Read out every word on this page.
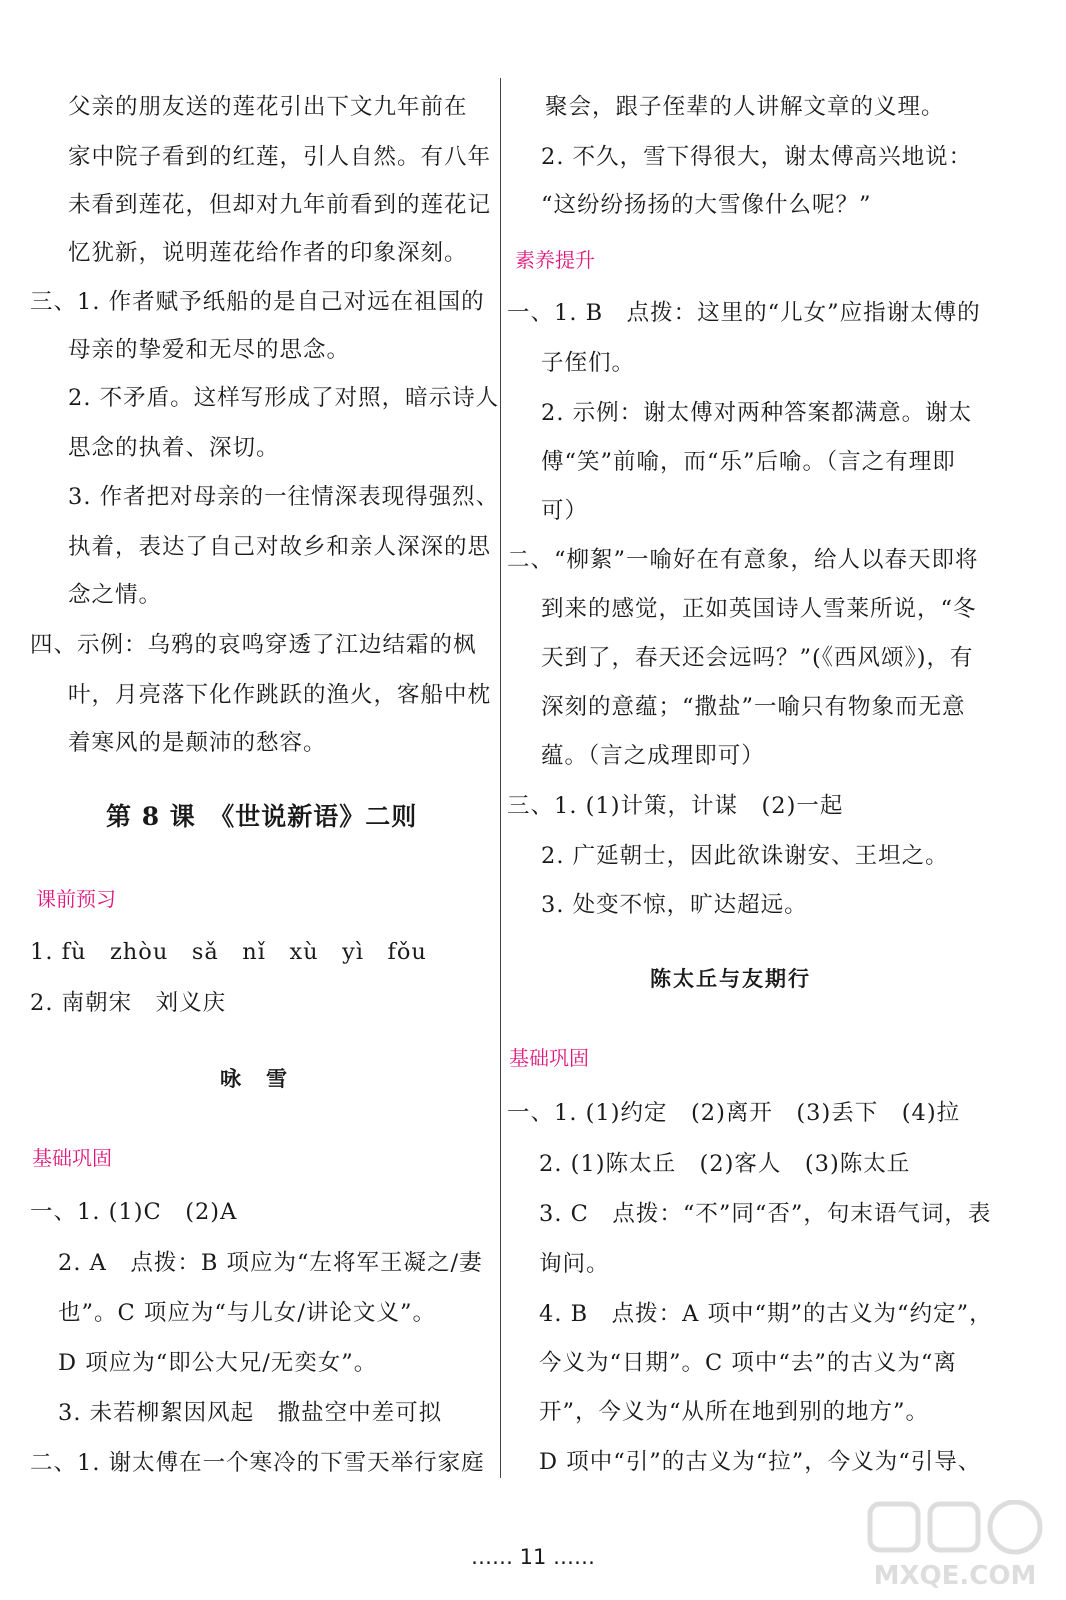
父亲的朋友送的莲花引出下文九年前在
家中院子看到的红莲，引人自然。有八年
未看到莲花，但却对九年前看到的莲花记
忆犹新，说明莲花给作者的印象深刻。
三、1. 作者赋予纸船的是自己对远在祖国的
母亲的挚爱和无尽的思念。
2. 不矛盾。这样写形成了对照，暗示诗人
思念的执着、深切。
3. 作者把对母亲的一往情深表现得强烈、
执着，表达了自己对故乡和亲人深深的思
念之情。
四、示例：乌鸦的哀鸣穿透了江边结霜的枫
叶，月亮落下化作跳跃的渔火，客船中枕
着寒风的是颠沛的愁容。
第 8 课　《世说新语》二则
课前预习
1. fù　zhòu　sǎ　nǐ　xù　yì　fǒu
2. 南朝宋　刘义庆
咏　雪
基础巩固
一、1. (1)C　(2)A
2. A　点拨：B 项应为“左将军王凝之/妻
也”。C 项应为“与儿女/讲论文义”。
D 项应为“即公大兄/无奕女”。
3. 未若柳絮因风起　撒盐空中差可拟
二、1. 谢太傅在一个寒冷的下雪天举行家庭
聚会，跟子侄辈的人讲解文章的义理。
2. 不久，雪下得很大，谢太傅高兴地说：
“这纷纷扬扬的大雪像什么呢？”
素养提升
一、1. B　点拨：这里的“儿女”应指谢太傅的
子侄们。
2. 示例：谢太傅对两种答案都满意。谢太
傅“笑”前喻，而“乐”后喻。（言之有理即
可）
二、“柳絮”一喻好在有意象，给人以春天即将
到来的感觉，正如英国诗人雪莱所说，“冬
天到了，春天还会远吗？”(《西风颂》)，有
深刻的意蕴；“撒盐”一喻只有物象而无意
蕴。（言之成理即可）
三、1. (1)计策，计谋　(2)一起
2. 广延朝士，因此欲诛谢安、王坦之。
3. 处变不惊，旷达超远。
陈太丘与友期行
基础巩固
一、1. (1)约定　(2)离开　(3)丢下　(4)拉
2. (1)陈太丘　(2)客人　(3)陈太丘
3. C　点拨：“不”同“否”，句末语气词，表
询问。
4. B　点拨：A 项中“期”的古义为“约定”，
今义为“日期”。C 项中“去”的古义为“离
开”，今义为“从所在地到别的地方”。
D 项中“引”的古义为“拉”，今义为“引导、
…… 11 ……
MXQE.COM
